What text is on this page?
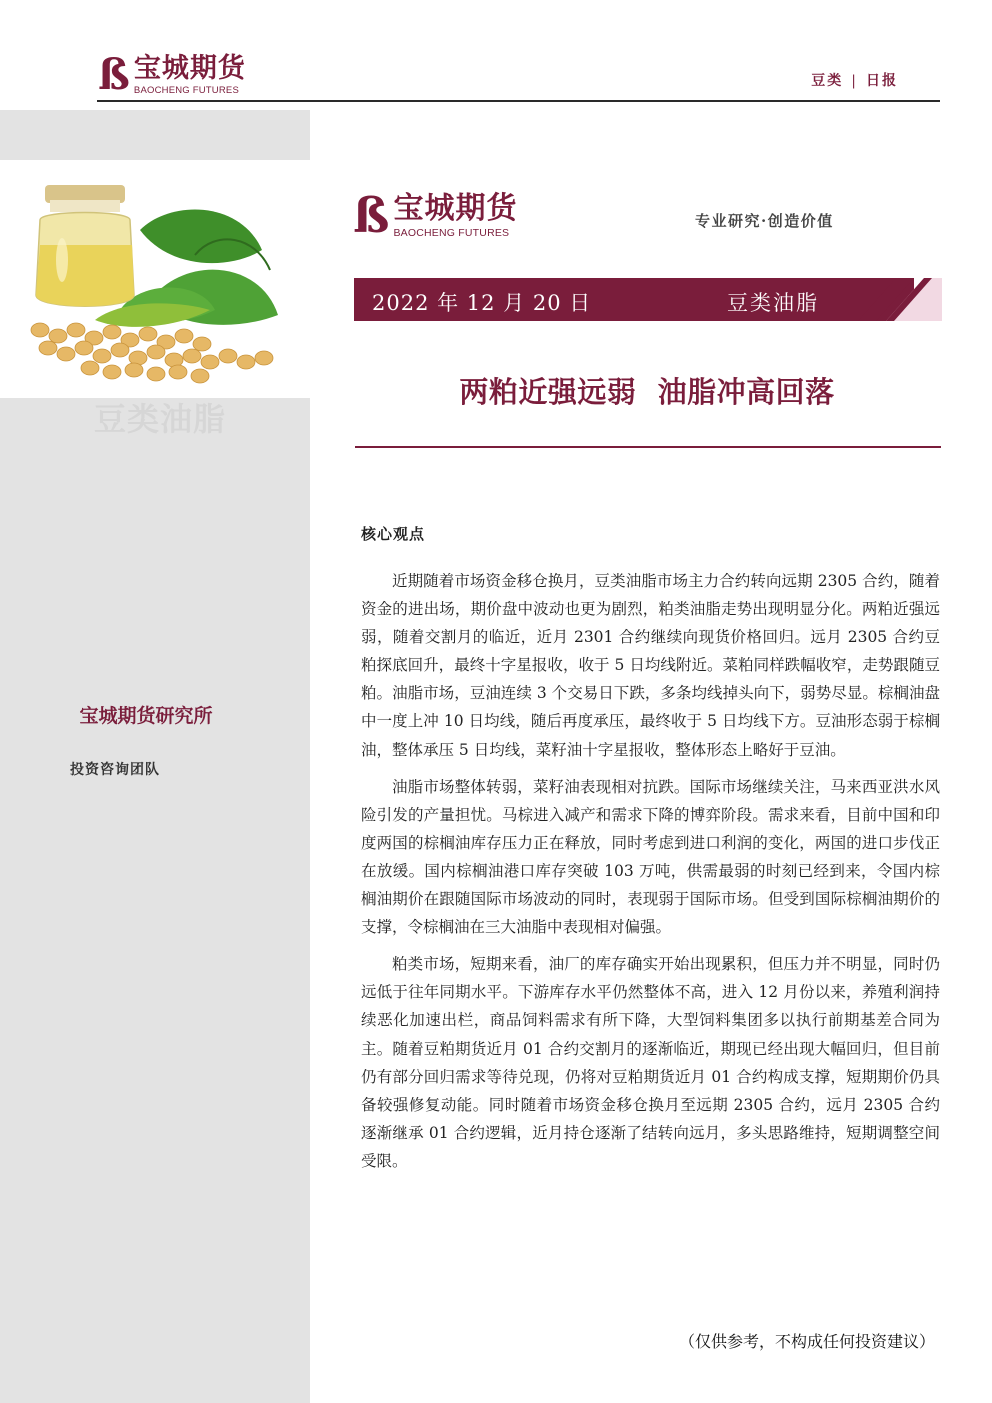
ß 宝城期货
BAOCHENG FUTURES
豆类 | 日报
豆类油脂
宝城期货研究所
投资咨询团队
ß 宝城期货
BAOCHENG FUTURES
专业研究·创造价值
2022 年 12 月 20 日	豆类油脂
两粕近强远弱  油脂冲高回落
核心观点

近期随着市场资金移仓换月，豆类油脂市场主力合约转向远期 2305 合约，随着资金的进出场，期价盘中波动也更为剧烈，粕类油脂走势出现明显分化。两粕近强远弱，随着交割月的临近，近月 2301 合约继续向现货价格回归。远月 2305 合约豆粕探底回升，最终十字星报收，收于 5 日均线附近。菜粕同样跌幅收窄，走势跟随豆粕。油脂市场，豆油连续 3 个交易日下跌，多条均线掉头向下，弱势尽显。棕榈油盘中一度上冲 10 日均线，随后再度承压，最终收于 5 日均线下方。豆油形态弱于棕榈油，整体承压 5 日均线，菜籽油十字星报收，整体形态上略好于豆油。

油脂市场整体转弱，菜籽油表现相对抗跌。国际市场继续关注，马来西亚洪水风险引发的产量担忧。马棕进入减产和需求下降的博弈阶段。需求来看，目前中国和印度两国的棕榈油库存压力正在释放，同时考虑到进口利润的变化，两国的进口步伐正在放缓。国内棕榈油港口库存突破 103 万吨，供需最弱的时刻已经到来，令国内棕榈油期价在跟随国际市场波动的同时，表现弱于国际市场。但受到国际棕榈油期价的支撑，令棕榈油在三大油脂中表现相对偏强。

粕类市场，短期来看，油厂的库存确实开始出现累积，但压力并不明显，同时仍远低于往年同期水平。下游库存水平仍然整体不高，进入 12 月份以来，养殖利润持续恶化加速出栏，商品饲料需求有所下降，大型饲料集团多以执行前期基差合同为主。随着豆粕期货近月 01 合约交割月的逐渐临近，期现已经出现大幅回归，但目前仍有部分回归需求等待兑现，仍将对豆粕期货近月 01 合约构成支撑，短期期价仍具备较强修复动能。同时随着市场资金移仓换月至远期 2305 合约，远月 2305 合约逐渐继承 01 合约逻辑，近月持仓逐渐了结转向远月，多头思路维持，短期调整空间受限。

（仅供参考，不构成任何投资建议）
